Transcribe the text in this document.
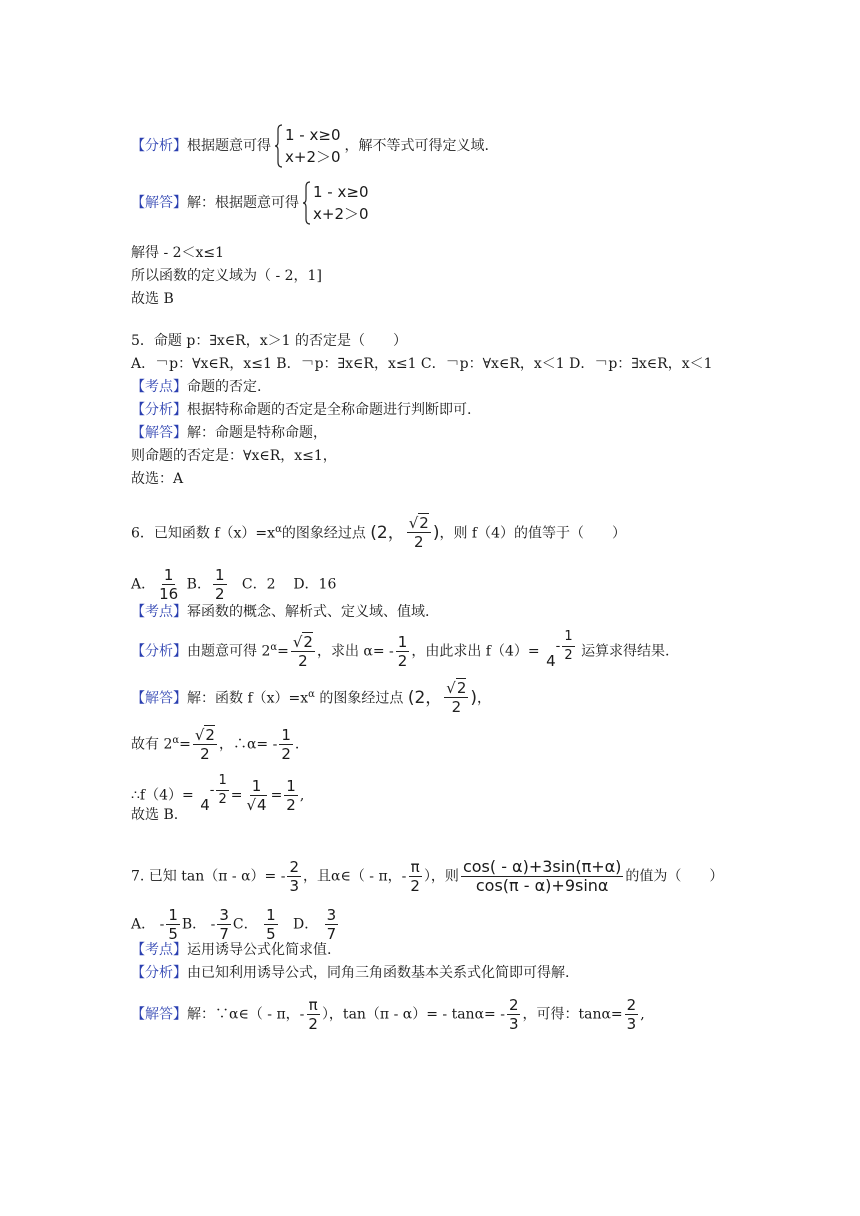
【分析】根据题意可得
1 - x≥0
x+2＞0
，解不等式可得定义域.
【解答】解：根据题意可得
1 - x≥0
x+2＞0
解得 - 2＜x≤1
所以函数的定义域为（ - 2，1]
故选 B
5．命题 p：∃x∈R，x＞1 的否定是（　　）
A．￢p：∀x∈R，x≤1 B．￢p：∃x∈R，x≤1 C．￢p：∀x∈R，x＜1 D．￢p：∃x∈R，x＜1
【考点】命题的否定.
【分析】根据特称命题的否定是全称命题进行判断即可.
【解答】解：命题是特称命题，
则命题的否定是：∀x∈R，x≤1，
故选：A
6．已知函数 $f(x)=x^\alpha$的图象经过点 (2， √ $\frac{2}{2}$ )，则 f（4）的值等于（　　）
A． $\frac{1}{16}$ B． $\frac{1}{2}$ C．2 D．16
【考点】幂函数的概念、解析式、定义域、值域.
【分析】由题意可得 $2^\alpha=$ √ $\frac{2}{2}$ ，求出 $\alpha= - \frac{1}{2}$ ，由此求出 f（4）= 4
- $\frac{1}{2}$ 运算求得结果.
【解答】解：函数 $f(x)=x^\alpha$ 的图象经过点 (2， √ $\frac{2}{2}$ )，
故有 $2^\alpha=$ √ $\frac{2}{2}$ ，∴α= - $\frac{1}{2}$ .
∴f（4）= 4
- $\frac{1}{2} = 1$
√ $4 = \frac{1}{2}$ ,
故选 B.
7. 已知 $\tan(\pi - \alpha)= - \frac{2}{3}$ ，且α∈（ - π，- $\frac{\pi}{2}$ ），则 $\frac{\cos( - \alpha)+3\sin(\pi+\alpha)}{\cos(\pi - \alpha)+9\sin\alpha}$ 的值为（　　）
A． - $\frac{1}{5}$ B． - $\frac{3}{7}$ C． $\frac{1}{5}$ D． $\frac{3}{7}$
【考点】运用诱导公式化简求值.
【分析】由已知利用诱导公式，同角三角函数基本关系式化简即可得解.
【解答】解：∵α∈（ - π，- $\frac{\pi}{2}$ ），$\tan(\pi - \alpha)= - \tan\alpha= - \frac{2}{3}$ ，可得：$\tan\alpha= \frac{2}{3}$ ,
